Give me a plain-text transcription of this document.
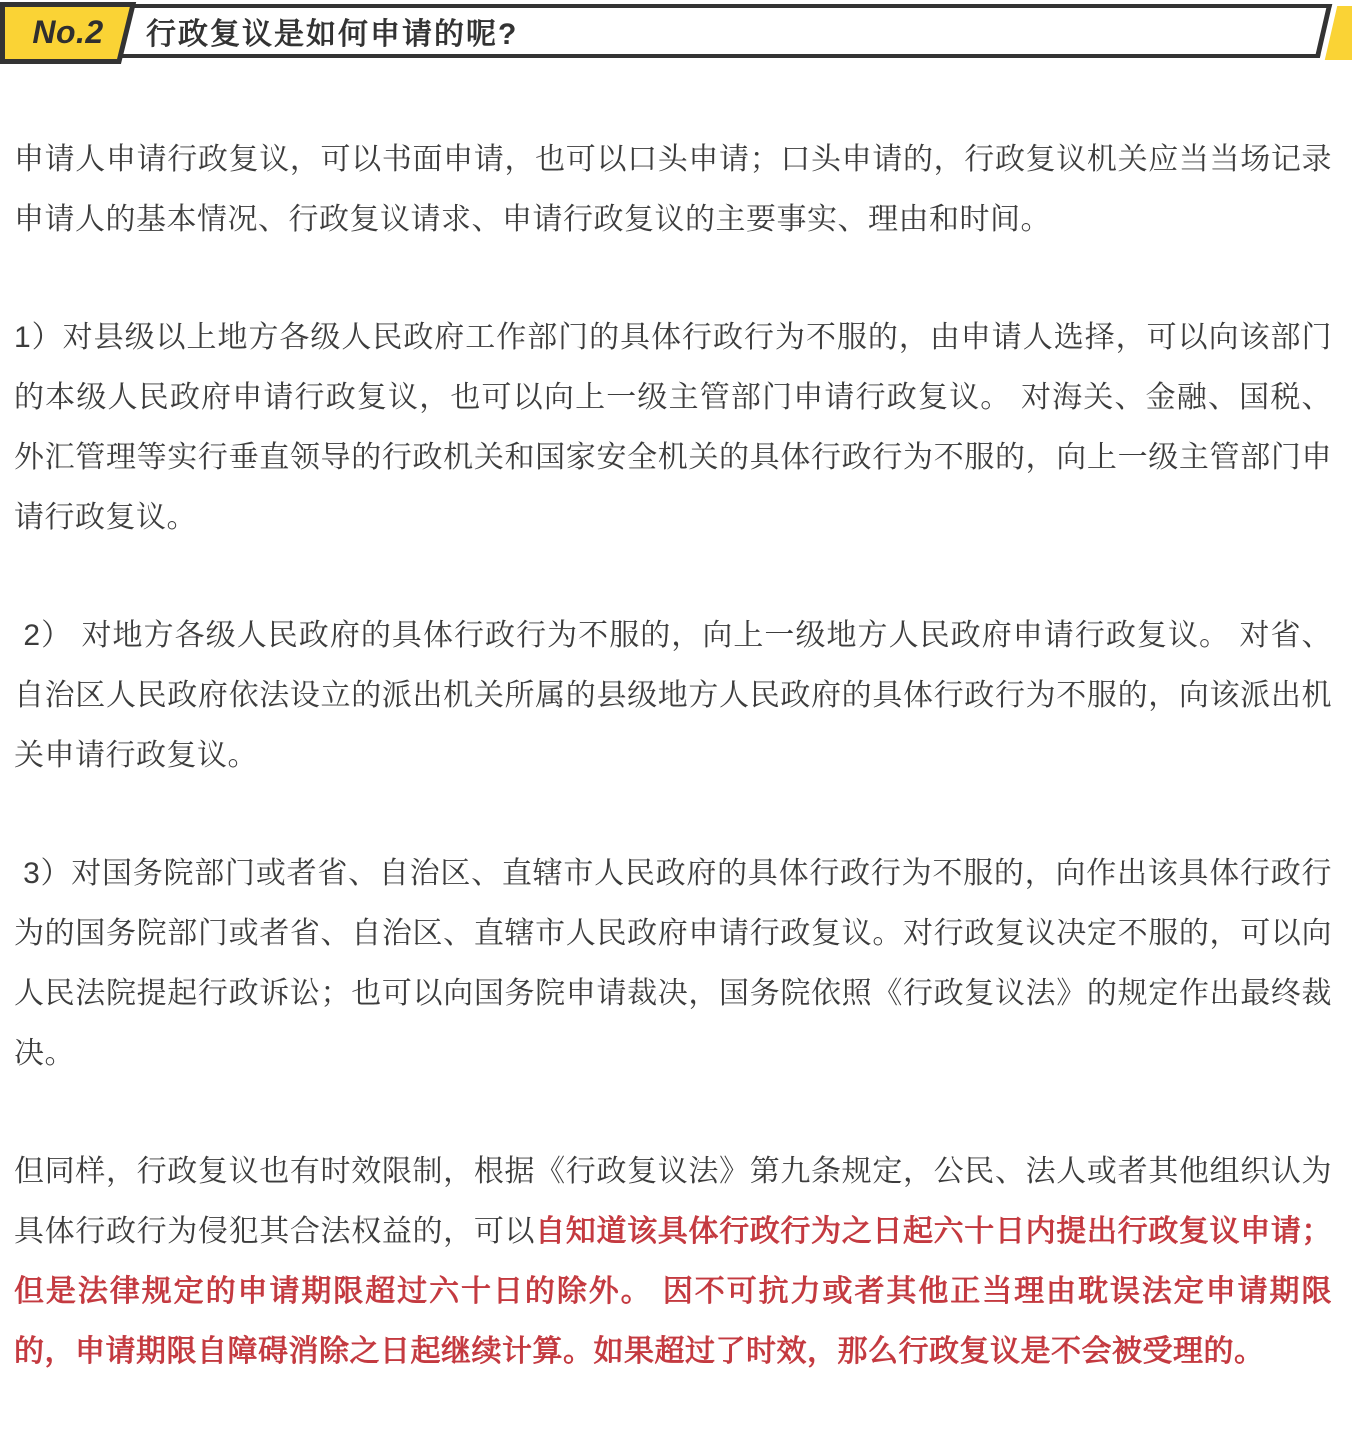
No.2	行政复议是如何申请的呢?

申请人申请行政复议，可以书面申请，也可以口头申请；口头申请的，行政复议机关应当当场记录申请人的基本情况、行政复议请求、申请行政复议的主要事实、理由和时间。

1）对县级以上地方各级人民政府工作部门的具体行政行为不服的，由申请人选择，可以向该部门的本级人民政府申请行政复议，也可以向上一级主管部门申请行政复议。 对海关、金融、国税、外汇管理等实行垂直领导的行政机关和国家安全机关的具体行政行为不服的，向上一级主管部门申请行政复议。

2） 对地方各级人民政府的具体行政行为不服的，向上一级地方人民政府申请行政复议。 对省、自治区人民政府依法设立的派出机关所属的县级地方人民政府的具体行政行为不服的，向该派出机关申请行政复议。

3）对国务院部门或者省、自治区、直辖市人民政府的具体行政行为不服的，向作出该具体行政行为的国务院部门或者省、自治区、直辖市人民政府申请行政复议。对行政复议决定不服的，可以向人民法院提起行政诉讼；也可以向国务院申请裁决，国务院依照《行政复议法》的规定作出最终裁决。

但同样，行政复议也有时效限制，根据《行政复议法》第九条规定，公民、法人或者其他组织认为具体行政行为侵犯其合法权益的，可以自知道该具体行政行为之日起六十日内提出行政复议申请；但是法律规定的申请期限超过六十日的除外。 因不可抗力或者其他正当理由耽误法定申请期限的，申请期限自障碍消除之日起继续计算。如果超过了时效，那么行政复议是不会被受理的。
